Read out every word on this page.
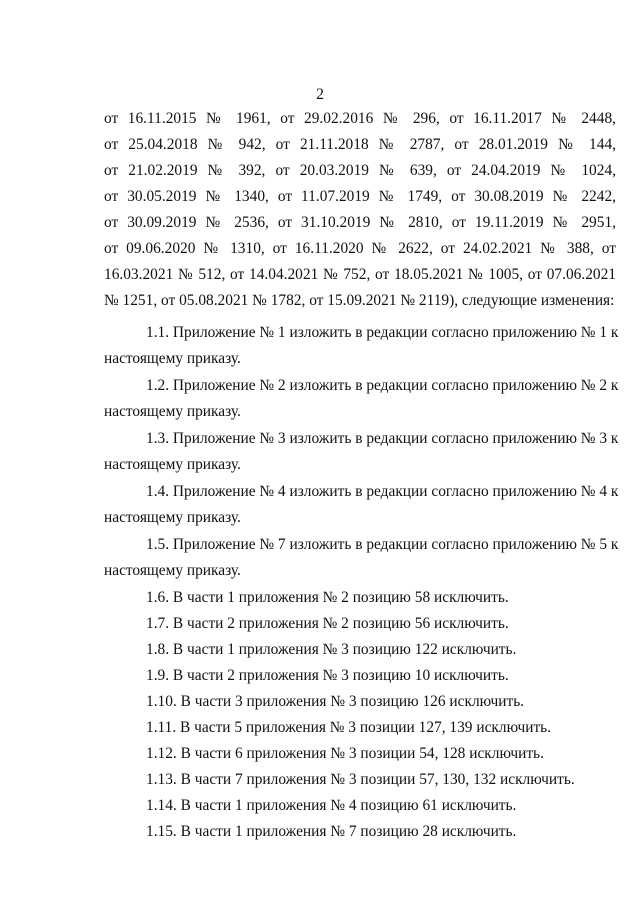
2
от 16.11.2015 № 1961, от 29.02.2016 № 296, от 16.11.2017 № 2448,
от 25.04.2018 № 942, от 21.11.2018 № 2787, от 28.01.2019 № 144,
от 21.02.2019 № 392, от 20.03.2019 № 639, от 24.04.2019 № 1024,
от 30.05.2019 № 1340, от 11.07.2019 № 1749, от 30.08.2019 № 2242,
от 30.09.2019 № 2536, от 31.10.2019 № 2810, от 19.11.2019 № 2951,
от 09.06.2020 № 1310, от 16.11.2020 № 2622, от 24.02.2021 № 388, от
16.03.2021 № 512, от 14.04.2021 № 752, от 18.05.2021 № 1005, от 07.06.2021
№ 1251, от 05.08.2021 № 1782, от 15.09.2021 № 2119), следующие изменения:
1.1. Приложение № 1 изложить в редакции согласно приложению № 1 к
настоящему приказу.
1.2. Приложение № 2 изложить в редакции согласно приложению № 2 к
настоящему приказу.
1.3. Приложение № 3 изложить в редакции согласно приложению № 3 к
настоящему приказу.
1.4. Приложение № 4 изложить в редакции согласно приложению № 4 к
настоящему приказу.
1.5. Приложение № 7 изложить в редакции согласно приложению № 5 к
настоящему приказу.
1.6. В части 1 приложения № 2 позицию 58 исключить.
1.7. В части 2 приложения № 2 позицию 56 исключить.
1.8. В части 1 приложения № 3 позицию 122 исключить.
1.9. В части 2 приложения № 3 позицию 10 исключить.
1.10. В части 3 приложения № 3 позицию 126 исключить.
1.11. В части 5 приложения № 3 позиции 127, 139 исключить.
1.12. В части 6 приложения № 3 позиции 54, 128 исключить.
1.13. В части 7 приложения № 3 позиции 57, 130, 132 исключить.
1.14. В части 1 приложения № 4 позицию 61 исключить.
1.15. В части 1 приложения № 7 позицию 28 исключить.
